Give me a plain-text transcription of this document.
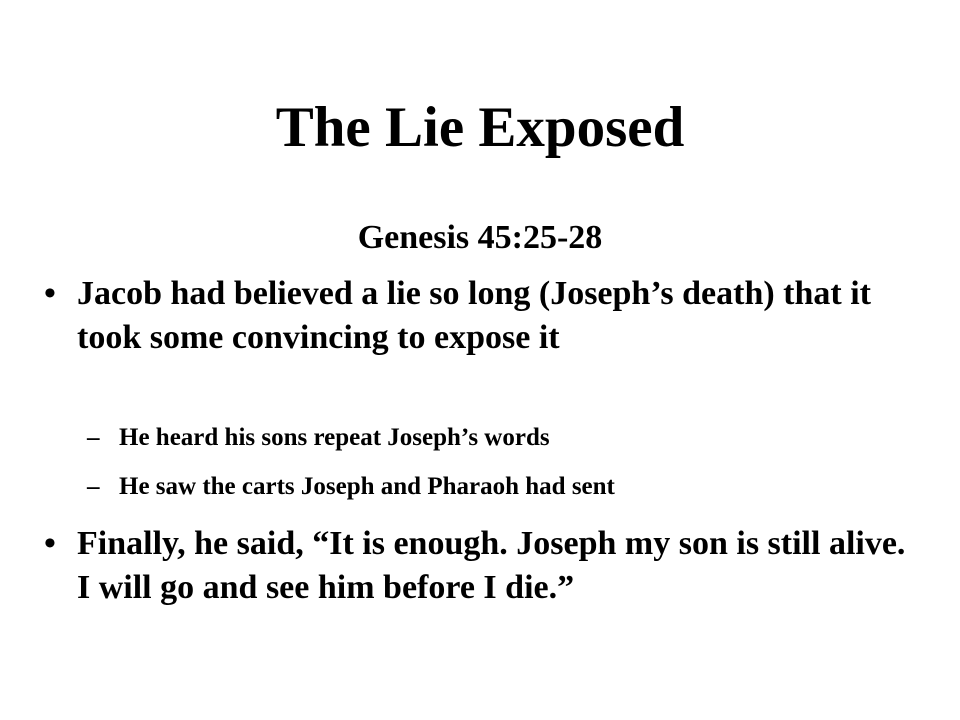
The Lie Exposed
Genesis 45:25-28
• Jacob had believed a lie so long (Joseph’s death) that it took some convincing to expose it
– He heard his sons repeat Joseph’s words
– He saw the carts Joseph and Pharaoh had sent
• Finally, he said, “It is enough. Joseph my son is still alive. I will go and see him before I die.”
